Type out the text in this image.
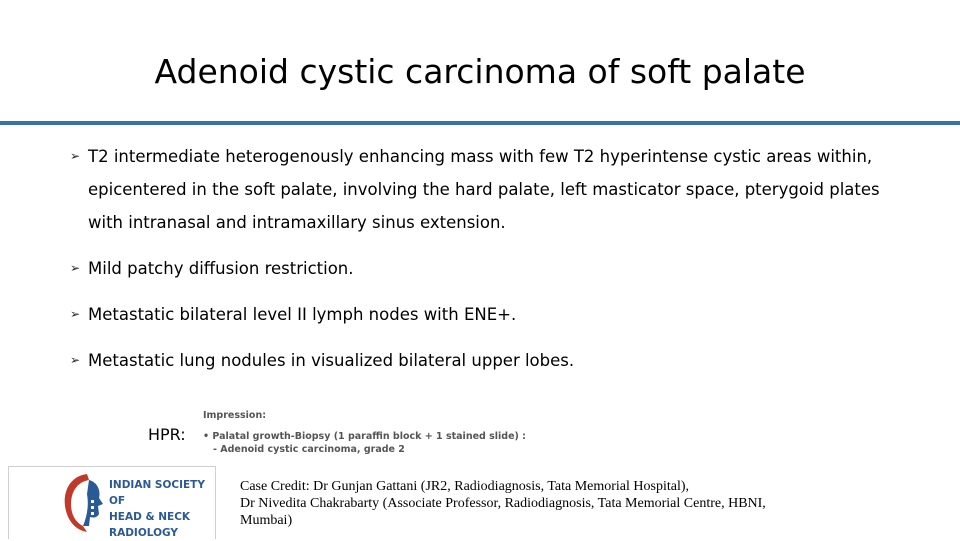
Adenoid cystic carcinoma of soft palate
➢ T2 intermediate heterogenously enhancing mass with few T2 hyperintense cystic areas within, epicentered in the soft palate, involving the hard palate, left masticator space, pterygoid plates with intranasal and intramaxillary sinus extension.
➢ Mild patchy diffusion restriction.
➢ Metastatic bilateral level II lymph nodes with ENE+.
➢ Metastatic lung nodules in visualized bilateral upper lobes.
HPR:
Impression:
• Palatal growth-Biopsy (1 paraffin block + 1 stained slide) :
- Adenoid cystic carcinoma, grade 2
INDIAN SOCIETY OF
HEAD & NECK
RADIOLOGY
Case Credit: Dr Gunjan Gattani (JR2, Radiodiagnosis, Tata Memorial Hospital),
Dr Nivedita Chakrabarty (Associate Professor, Radiodiagnosis, Tata Memorial Centre, HBNI,
Mumbai)
